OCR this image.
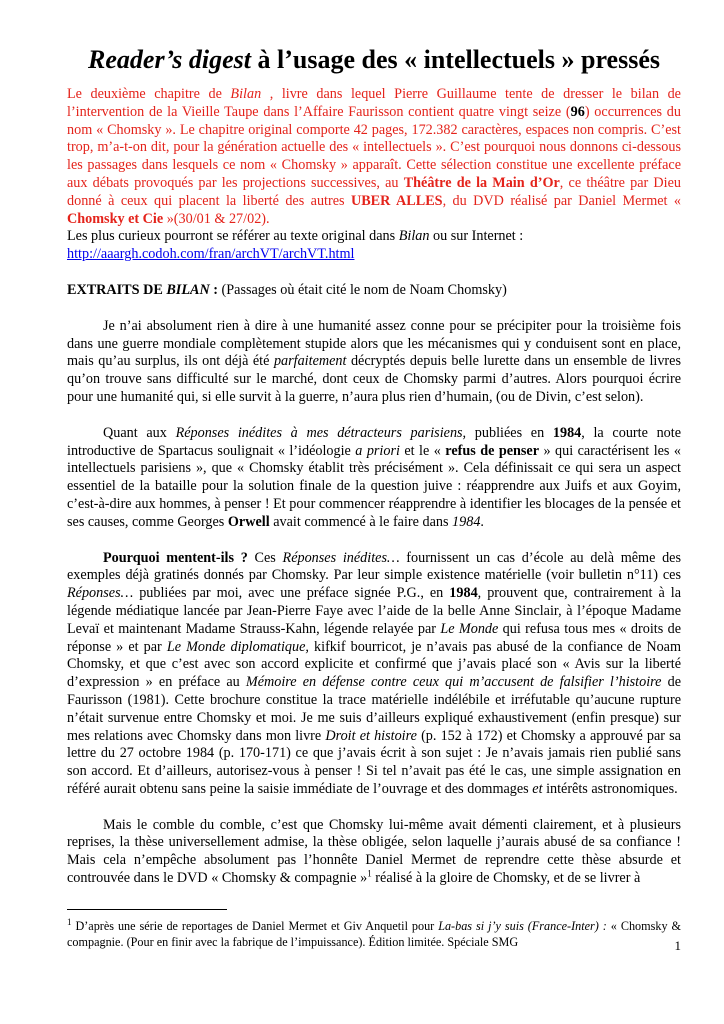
Reader’s digest à l’usage des « intellectuels » pressés

Le deuxième chapitre de Bilan , livre dans lequel Pierre Guillaume tente de dresser le bilan de l’intervention de la Vieille Taupe dans l’Affaire Faurisson contient quatre vingt seize (96) occurrences du nom « Chomsky ». Le chapitre original comporte 42 pages, 172.382 caractères, espaces non compris. C’est trop, m’a-t-on dit, pour la génération actuelle des « intellectuels ». C’est pourquoi nous donnons ci-dessous les passages dans lesquels ce nom « Chomsky » apparaît. Cette sélection constitue une excellente préface aux débats provoqués par les projections successives, au Théâtre de la Main d’Or, ce théâtre par Dieu donné à ceux qui placent la liberté des autres UBER ALLES, du DVD réalisé par Daniel Mermet « Chomsky et Cie »(30/01 & 27/02).

Les plus curieux pourront se référer au texte original dans Bilan ou sur Internet :
http://aaargh.codoh.com/fran/archVT/archVT.html

EXTRAITS DE BILAN : (Passages où était cité le nom de Noam Chomsky)

Je n’ai absolument rien à dire à une humanité assez conne pour se précipiter pour la troisième fois dans une guerre mondiale complètement stupide alors que les mécanismes qui y conduisent sont en place, mais qu’au surplus, ils ont déjà été parfaitement décryptés depuis belle lurette dans un ensemble de livres qu’on trouve sans difficulté sur le marché, dont ceux de Chomsky parmi d’autres. Alors pourquoi écrire pour une humanité qui, si elle survit à la guerre, n’aura plus rien d’humain, (ou de Divin, c’est selon).

Quant aux Réponses inédites à mes détracteurs parisiens, publiées en 1984, la courte note introductive de Spartacus soulignait « l’idéologie a priori et le « refus de penser » qui caractérisent les « intellectuels parisiens », que « Chomsky établit très précisément ». Cela définissait ce qui sera un aspect essentiel de la bataille pour la solution finale de la question juive : réapprendre aux Juifs et aux Goyim, c’est-à-dire aux hommes, à penser ! Et pour commencer réapprendre à identifier les blocages de la pensée et ses causes, comme Georges Orwell avait commencé à le faire dans 1984.

Pourquoi mentent-ils ? Ces Réponses inédites… fournissent un cas d’école au delà même des exemples déjà gratinés donnés par Chomsky. Par leur simple existence matérielle (voir bulletin n°11) ces Réponses… publiées par moi, avec une préface signée P.G., en 1984, prouvent que, contrairement à la légende médiatique lancée par Jean-Pierre Faye avec l’aide de la belle Anne Sinclair, à l’époque Madame Levaï et maintenant Madame Strauss-Kahn, légende relayée par Le Monde qui refusa tous mes « droits de réponse » et par Le Monde diplomatique, kifkif bourricot, je n’avais pas abusé de la confiance de Noam Chomsky, et que c’est avec son accord explicite et confirmé que j’avais placé son « Avis sur la liberté d’expression » en préface au Mémoire en défense contre ceux qui m’accusent de falsifier l’histoire de Faurisson (1981). Cette brochure constitue la trace matérielle indélébile et irréfutable qu’aucune rupture n’était survenue entre Chomsky et moi. Je me suis d’ailleurs expliqué exhaustivement (enfin presque) sur mes relations avec Chomsky dans mon livre Droit et histoire (p. 152 à 172) et Chomsky a approuvé par sa lettre du 27 octobre 1984 (p. 170-171) ce que j’avais écrit à son sujet : Je n’avais jamais rien publié sans son accord. Et d’ailleurs, autorisez-vous à penser ! Si tel n’avait pas été le cas, une simple assignation en référé aurait obtenu sans peine la saisie immédiate de l’ouvrage et des dommages et intérêts astronomiques.

Mais le comble du comble, c’est que Chomsky lui-même avait démenti clairement, et à plusieurs reprises, la thèse universellement admise, la thèse obligée, selon laquelle j’aurais abusé de sa confiance ! Mais cela n’empêche absolument pas l’honnête Daniel Mermet de reprendre cette thèse absurde et controuvée dans le DVD « Chomsky & compagnie »$^1$ réalisé à la gloire de Chomsky, et de se livrer à

$^1$ D’après une série de reportages de Daniel Mermet et Giv Anquetil pour La-bas si j’y suis (France-Inter) : « Chomsky & compagnie. (Pour en finir avec la fabrique de l’impuissance). Édition limitée. Spéciale SMG	1
